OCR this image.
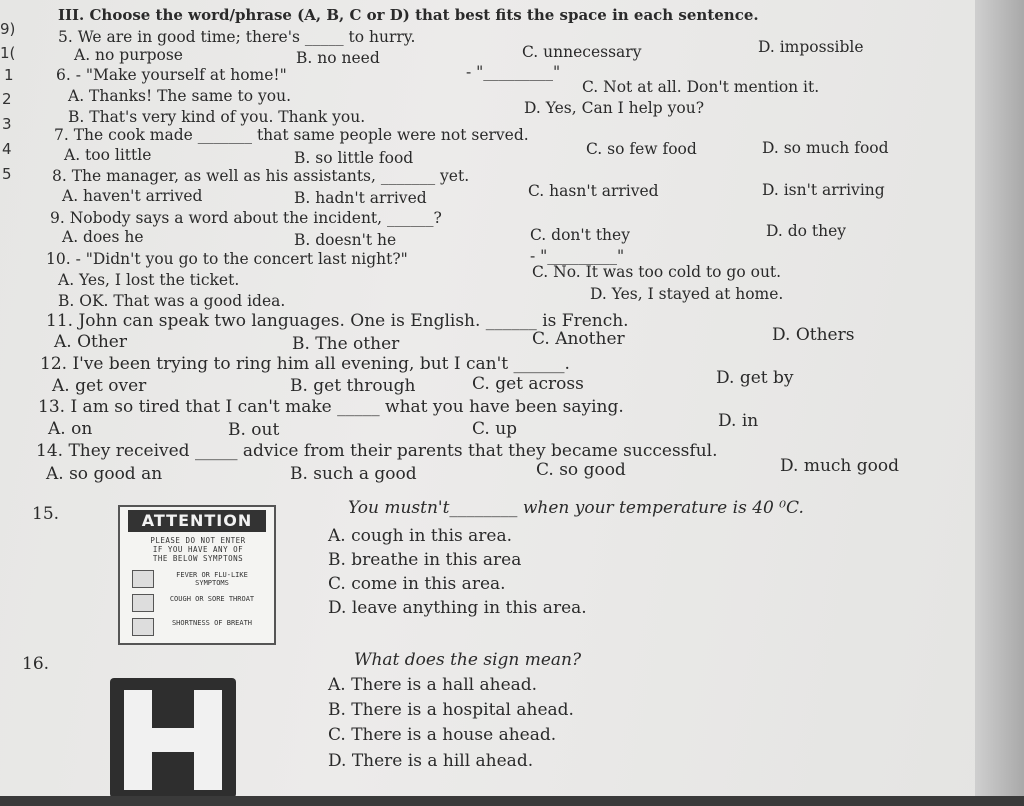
9)
1(
1
2
3
4
5
III. Choose the word/phrase (A, B, C or D) that best fits the space in each sentence.
5. We are in good time; there's _____ to hurry.
A. no purpose	B. no need	C. unnecessary	D. impossible
6. - "Make yourself at home!"	- "_________"
A. Thanks! The same to you.	C. Not at all. Don't mention it.
B. That's very kind of you. Thank you.	D. Yes, Can I help you?
7. The cook made _______ that same people were not served.
A. too little	B. so little food	C. so few food	D. so much food
8. The manager, as well as his assistants, _______ yet.
A. haven't arrived	B. hadn't arrived	C. hasn't arrived	D. isn't arriving
9. Nobody says a word about the incident, ______?
A. does he	B. doesn't he	C. don't they	D. do they
10. - "Didn't you go to the concert last night?"	- "_________"
A. Yes, I lost the ticket.	C. No. It was too cold to go out.
B. OK. That was a good idea.	D. Yes, I stayed at home.
11. John can speak two languages. One is English. ______ is French.
A. Other	B. The other	C. Another	D. Others
12. I've been trying to ring him all evening, but I can't ______.
A. get over	B. get through	C. get across	D. get by
13. I am so tired that I can't make _____ what you have been saying.
A. on	B. out	C. up	D. in
14. They received _____ advice from their parents that they became successful.
A. so good an	B. such a good	C. so good	D. much good
15.	You mustn't________ when your temperature is 40 ⁰C.
A. cough in this area.
B. breathe in this area
C. come in this area.
D. leave anything in this area.
ATTENTION
PLEASE DO NOT ENTER
IF YOU HAVE ANY OF
THE BELOW SYMPTONS
FEVER OR FLU-LIKE SYMPTOMS
COUGH OR SORE THROAT
SHORTNESS OF BREATH
16.	What does the sign mean?
A. There is a hall ahead.
B. There is a hospital ahead.
C. There is a house ahead.
D. There is a hill ahead.
